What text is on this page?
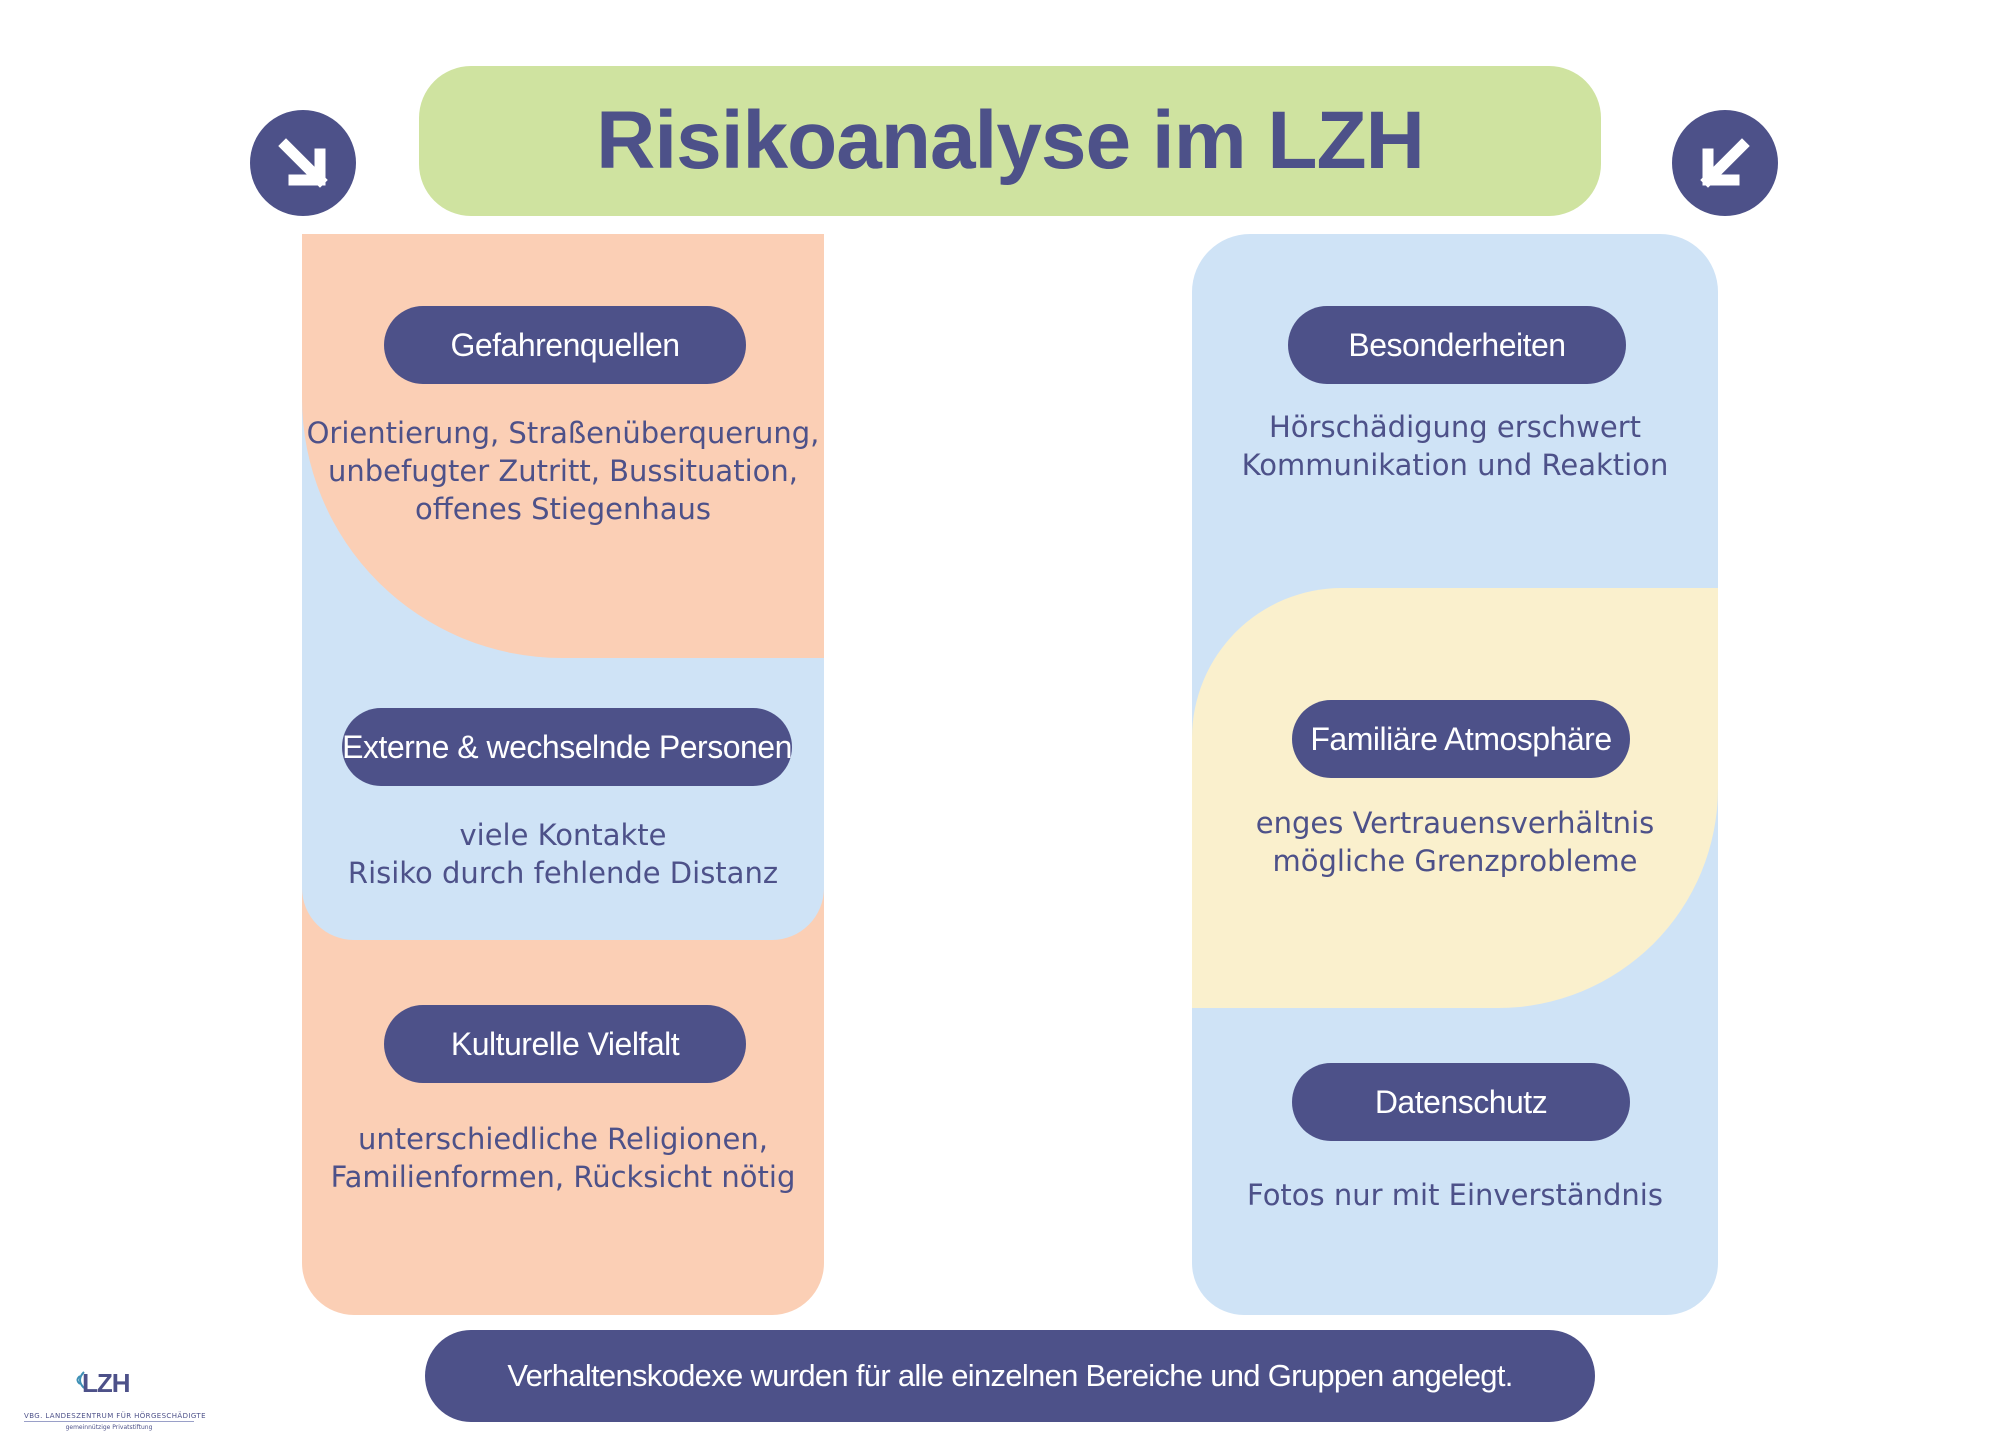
Risikoanalyse im LZH
Gefahrenquellen
Orientierung, Straßenüberquerung,
unbefugter Zutritt, Bussituation,
offenes Stiegenhaus
Externe & wechselnde Personen
viele Kontakte
Risiko durch fehlende Distanz
Kulturelle Vielfalt
unterschiedliche Religionen,
Familienformen, Rücksicht nötig
Besonderheiten
Hörschädigung erschwert
Kommunikation und Reaktion
Familiäre Atmosphäre
enges Vertrauensverhältnis
mögliche Grenzprobleme
Datenschutz
Fotos nur mit Einverständnis
Verhaltenskodexe wurden für alle einzelnen Bereiche und Gruppen angelegt.
LZH
VBG. LANDESZENTRUM FÜR HÖRGESCHÄDIGTE
gemeinnützige Privatstiftung
